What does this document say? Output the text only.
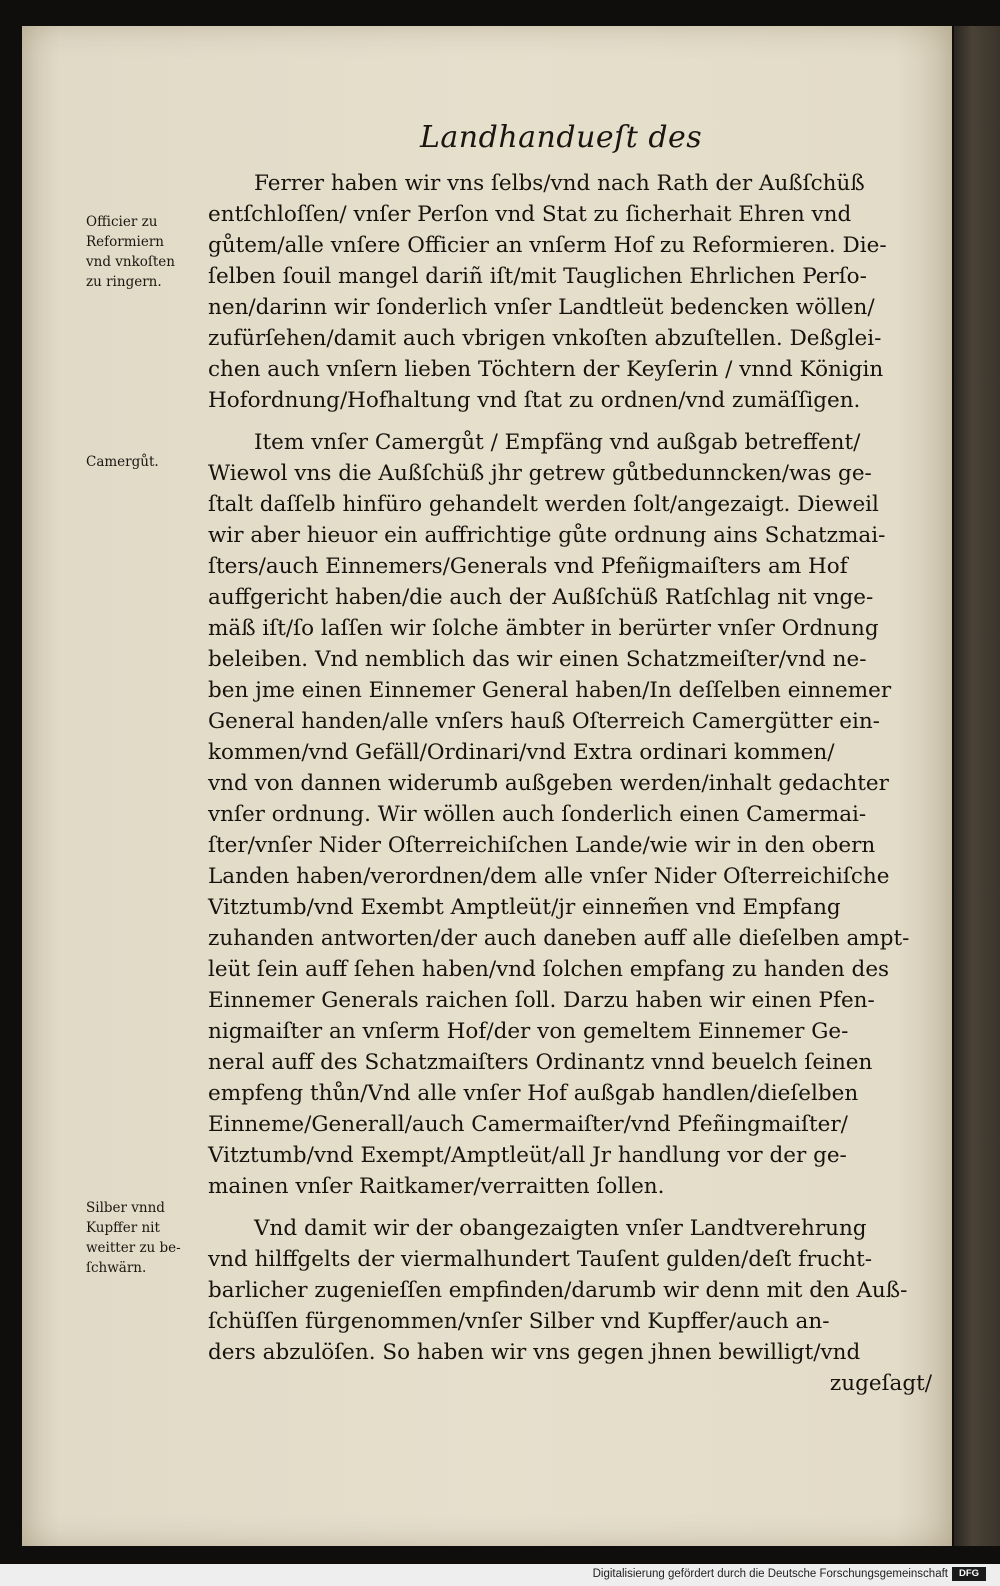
Landhandueſt des
Officier zu
Reformiern
vnd vnkoſten
zu ringern.
Camergůt.
Silber vnnd
Kupffer nit
weitter zu be-
ſchwärn.
Ferrer haben wir vns ſelbs/vnd nach Rath der Außſchüß
entſchloſſen/ vnſer Perſon vnd Stat zu ſicherhait Ehren vnd
gůtem/alle vnſere Officier an vnſerm Hof zu Reformieren. Die-
ſelben ſouil mangel dariñ iſt/mit Tauglichen Ehrlichen Perſo-
nen/darinn wir ſonderlich vnſer Landtleüt bedencken wöllen/
zufürſehen/damit auch vbrigen vnkoſten abzuſtellen. Deßglei-
chen auch vnſern lieben Töchtern der Keyſerin / vnnd Königin
Hofordnung/Hofhaltung vnd ſtat zu ordnen/vnd zumäſſigen.
Item vnſer Camergůt / Empfäng vnd außgab betreffent/
Wiewol vns die Außſchüß jhr getrew gůtbedunncken/was ge-
ſtalt daſſelb hinfüro gehandelt werden ſolt/angezaigt. Dieweil
wir aber hieuor ein auffrichtige gůte ordnung ains Schatzmai-
ſters/auch Einnemers/Generals vnd Pfeñigmaiſters am Hof
auffgericht haben/die auch der Außſchüß Ratſchlag nit vnge-
mäß iſt/ſo laſſen wir ſolche ämbter in berürter vnſer Ordnung
beleiben. Vnd nemblich das wir einen Schatzmeiſter/vnd ne-
ben jme einen Einnemer General haben/In deſſelben einnemer
General handen/alle vnſers hauß Oſterreich Camergütter ein-
kommen/vnd Gefäll/Ordinari/vnd Extra ordinari kommen/
vnd von dannen widerumb außgeben werden/inhalt gedachter
vnſer ordnung. Wir wöllen auch ſonderlich einen Camermai-
ſter/vnſer Nider Oſterreichiſchen Lande/wie wir in den obern
Landen haben/verordnen/dem alle vnſer Nider Oſterreichiſche
Vitztumb/vnd Exembt Amptleüt/jr einnem̃en vnd Empfang
zuhanden antworten/der auch daneben auff alle dieſelben ampt-
leüt ſein auff ſehen haben/vnd ſolchen empfang zu handen des
Einnemer Generals raichen ſoll. Darzu haben wir einen Pfen-
nigmaiſter an vnſerm Hof/der von gemeltem Einnemer Ge-
neral auff des Schatzmaiſters Ordinantz vnnd beuelch ſeinen
empfeng thůn/Vnd alle vnſer Hof außgab handlen/dieſelben
Einneme/Generall/auch Camermaiſter/vnd Pfeñingmaiſter/
Vitztumb/vnd Exempt/Amptleüt/all Jr handlung vor der ge-
mainen vnſer Raitkamer/verraitten ſollen.
Vnd damit wir der obangezaigten vnſer Landtverehrung
vnd hilffgelts der viermalhundert Tauſent gulden/deſt frucht-
barlicher zugenieſſen empfinden/darumb wir denn mit den Auß-
ſchüſſen fürgenommen/vnſer Silber vnd Kupffer/auch an-
ders abzulöſen. So haben wir vns gegen jhnen bewilligt/vnd
zugeſagt/
Digitalisierung gefördert durch die Deutsche Forschungsgemeinschaft	DFG
